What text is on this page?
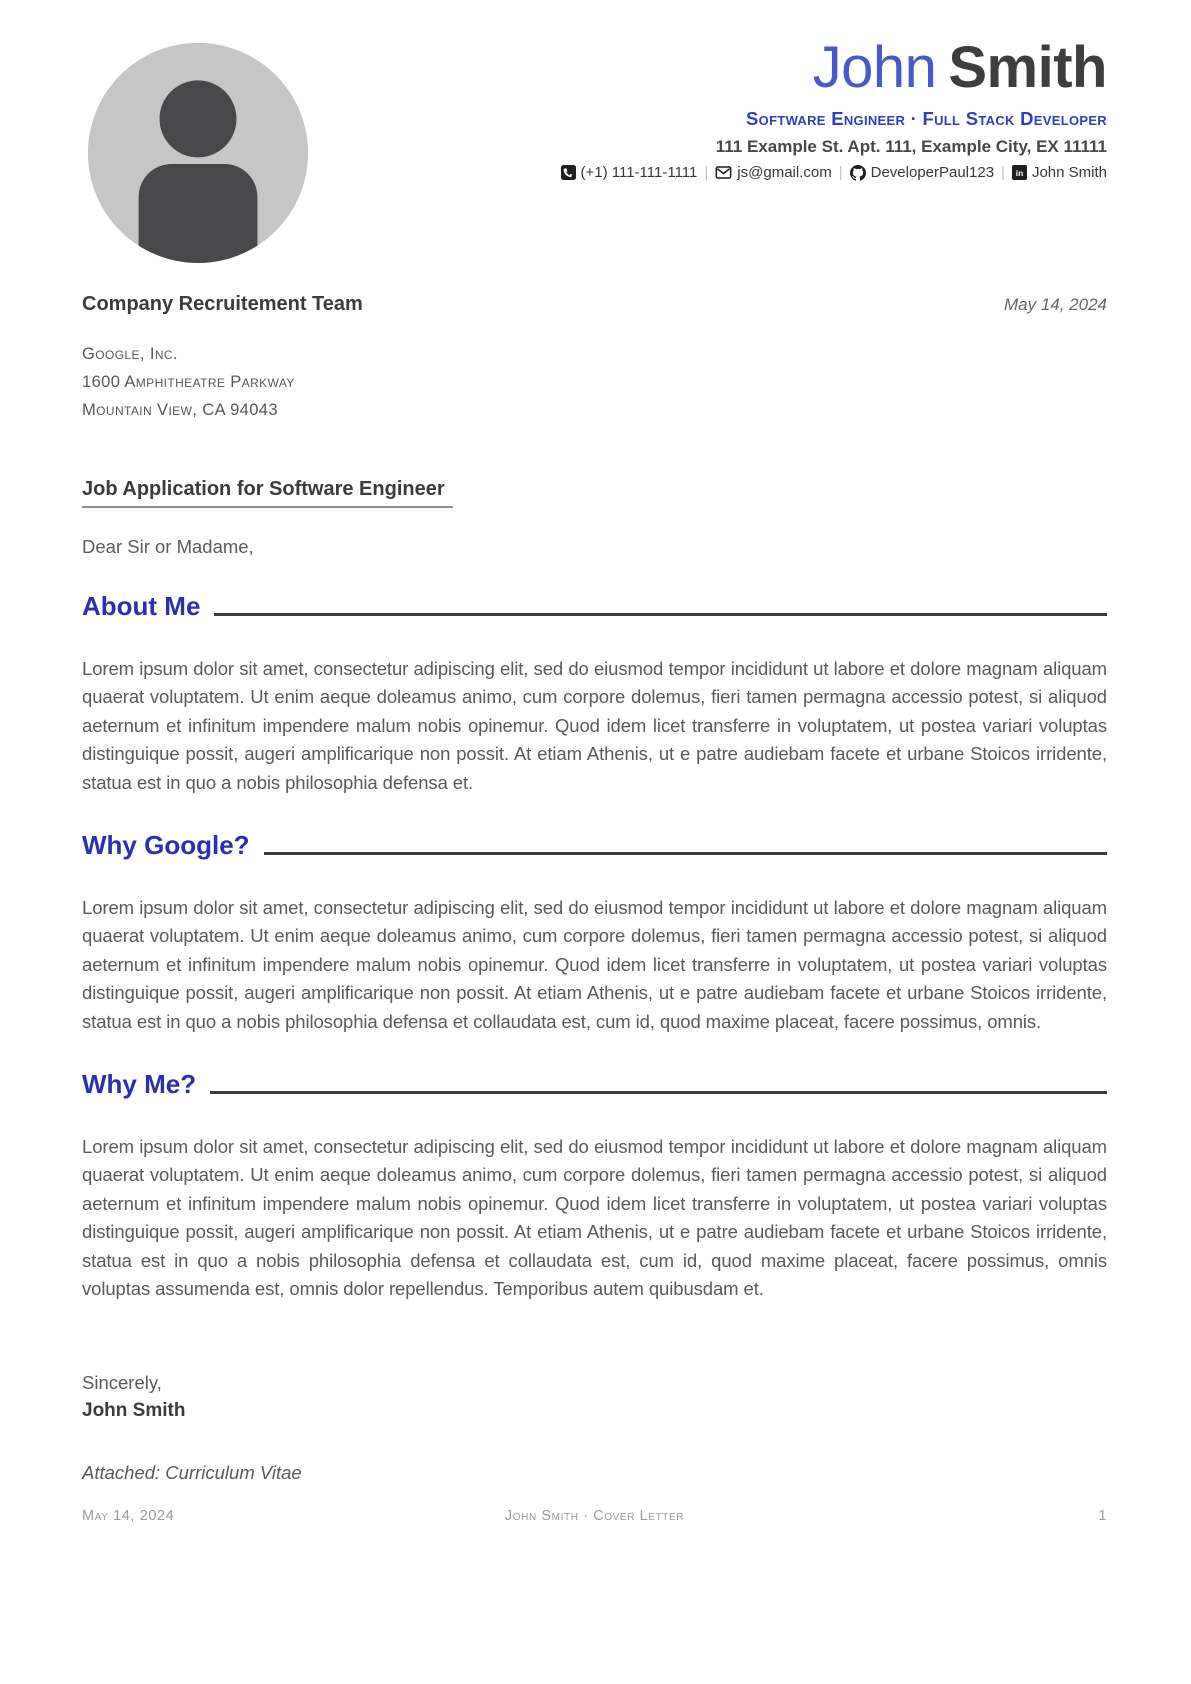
John Smith
Software Engineer · Full Stack Developer
111 Example St. Apt. 111, Example City, EX 11111
(+1) 111-111-1111 | js@gmail.com | DeveloperPaul123 | in John Smith
Company Recruitement Team	May 14, 2024
Google, Inc.
1600 Amphitheatre Parkway
Mountain View, CA 94043
Job Application for Software Engineer
Dear Sir or Madame,
About Me

Lorem ipsum dolor sit amet, consectetur adipiscing elit, sed do eiusmod tempor incididunt ut labore et dolore magnam aliquam quaerat voluptatem. Ut enim aeque doleamus animo, cum corpore dolemus, fieri tamen permagna accessio potest, si aliquod aeternum et infinitum impendere malum nobis opinemur. Quod idem licet transferre in voluptatem, ut postea variari voluptas distinguique possit, augeri amplificarique non possit. At etiam Athenis, ut e patre audiebam facete et urbane Stoicos irridente, statua est in quo a nobis philosophia defensa et.

Why Google?

Lorem ipsum dolor sit amet, consectetur adipiscing elit, sed do eiusmod tempor incididunt ut labore et dolore magnam aliquam quaerat voluptatem. Ut enim aeque doleamus animo, cum corpore dolemus, fieri tamen permagna accessio potest, si aliquod aeternum et infinitum impendere malum nobis opinemur. Quod idem licet transferre in voluptatem, ut postea variari voluptas distinguique possit, augeri amplificarique non possit. At etiam Athenis, ut e patre audiebam facete et urbane Stoicos irridente, statua est in quo a nobis philosophia defensa et collaudata est, cum id, quod maxime placeat, facere possimus, omnis.

Why Me?

Lorem ipsum dolor sit amet, consectetur adipiscing elit, sed do eiusmod tempor incididunt ut labore et dolore magnam aliquam quaerat voluptatem. Ut enim aeque doleamus animo, cum corpore dolemus, fieri tamen permagna accessio potest, si aliquod aeternum et infinitum impendere malum nobis opinemur. Quod idem licet transferre in voluptatem, ut postea variari voluptas distinguique possit, augeri amplificarique non possit. At etiam Athenis, ut e patre audiebam facete et urbane Stoicos irridente, statua est in quo a nobis philosophia defensa et collaudata est, cum id, quod maxime placeat, facere possimus, omnis voluptas assumenda est, omnis dolor repellendus. Temporibus autem quibusdam et.

Sincerely,
John Smith
Attached: Curriculum Vitae
May 14, 2024	John Smith · Cover Letter	1
